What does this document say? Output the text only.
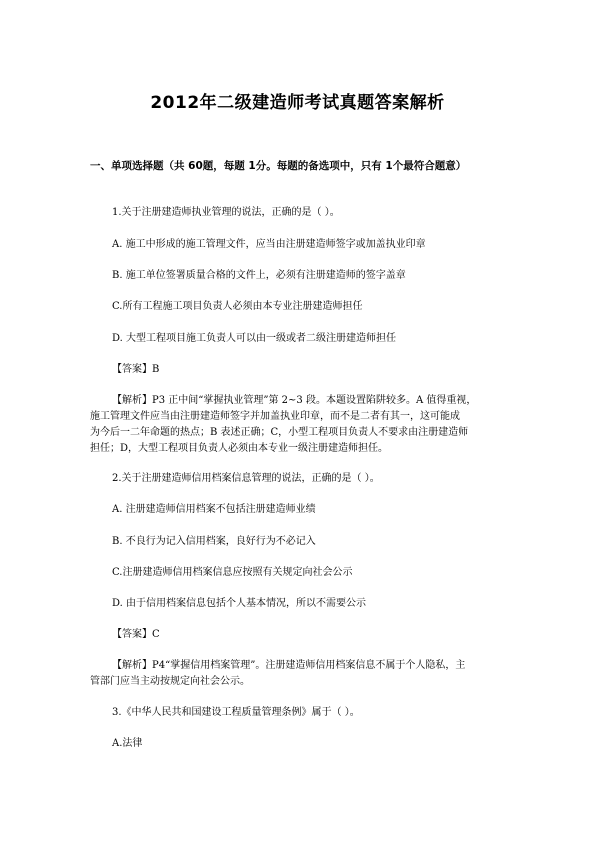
2012年二级建造师考试真题答案解析
一、单项选择题（共 60题，每题 1分。每题的备选项中，只有 1个最符合题意）
1.关于注册建造师执业管理的说法，正确的是（ ）。
A. 施工中形成的施工管理文件，应当由注册建造师签字或加盖执业印章
B. 施工单位签署质量合格的文件上，必须有注册建造师的签字盖章
C.所有工程施工项目负责人必须由本专业注册建造师担任
D. 大型工程项目施工负责人可以由一级或者二级注册建造师担任
【答案】B
【解析】P3 正中间“掌握执业管理”第 2~3 段。本题设置陷阱较多。A 值得重视，
施工管理文件应当由注册建造师签字并加盖执业印章，而不是二者有其一，这可能成
为今后一二年命题的热点；B 表述正确；C，小型工程项目负责人不要求由注册建造师
担任；D，大型工程项目负责人必须由本专业一级注册建造师担任。
2.关于注册建造师信用档案信息管理的说法，正确的是（ ）。
A. 注册建造师信用档案不包括注册建造师业绩
B. 不良行为记入信用档案，良好行为不必记入
C.注册建造师信用档案信息应按照有关规定向社会公示
D. 由于信用档案信息包括个人基本情况，所以不需要公示
【答案】C
【解析】P4“掌握信用档案管理”。注册建造师信用档案信息不属于个人隐私，主
管部门应当主动按规定向社会公示。
3.《中华人民共和国建设工程质量管理条例》属于（ ）。
A.法律
